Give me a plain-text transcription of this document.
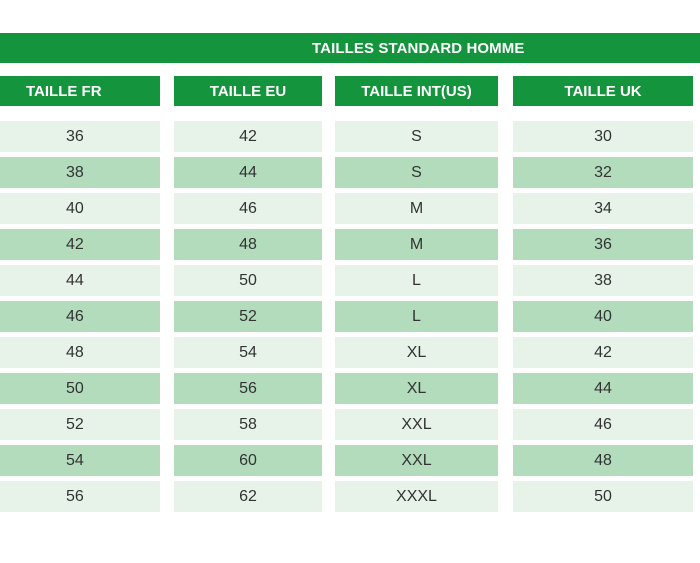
TAILLES STANDARD HOMME
TAILLE FR
36
38
40
42
44
46
48
50
52
54
56
TAILLE EU
42
44
46
48
50
52
54
56
58
60
62
TAILLE INT(US)
S
S
M
M
L
L
XL
XL
XXL
XXL
XXXL
TAILLE UK
30
32
34
36
38
40
42
44
46
48
50
